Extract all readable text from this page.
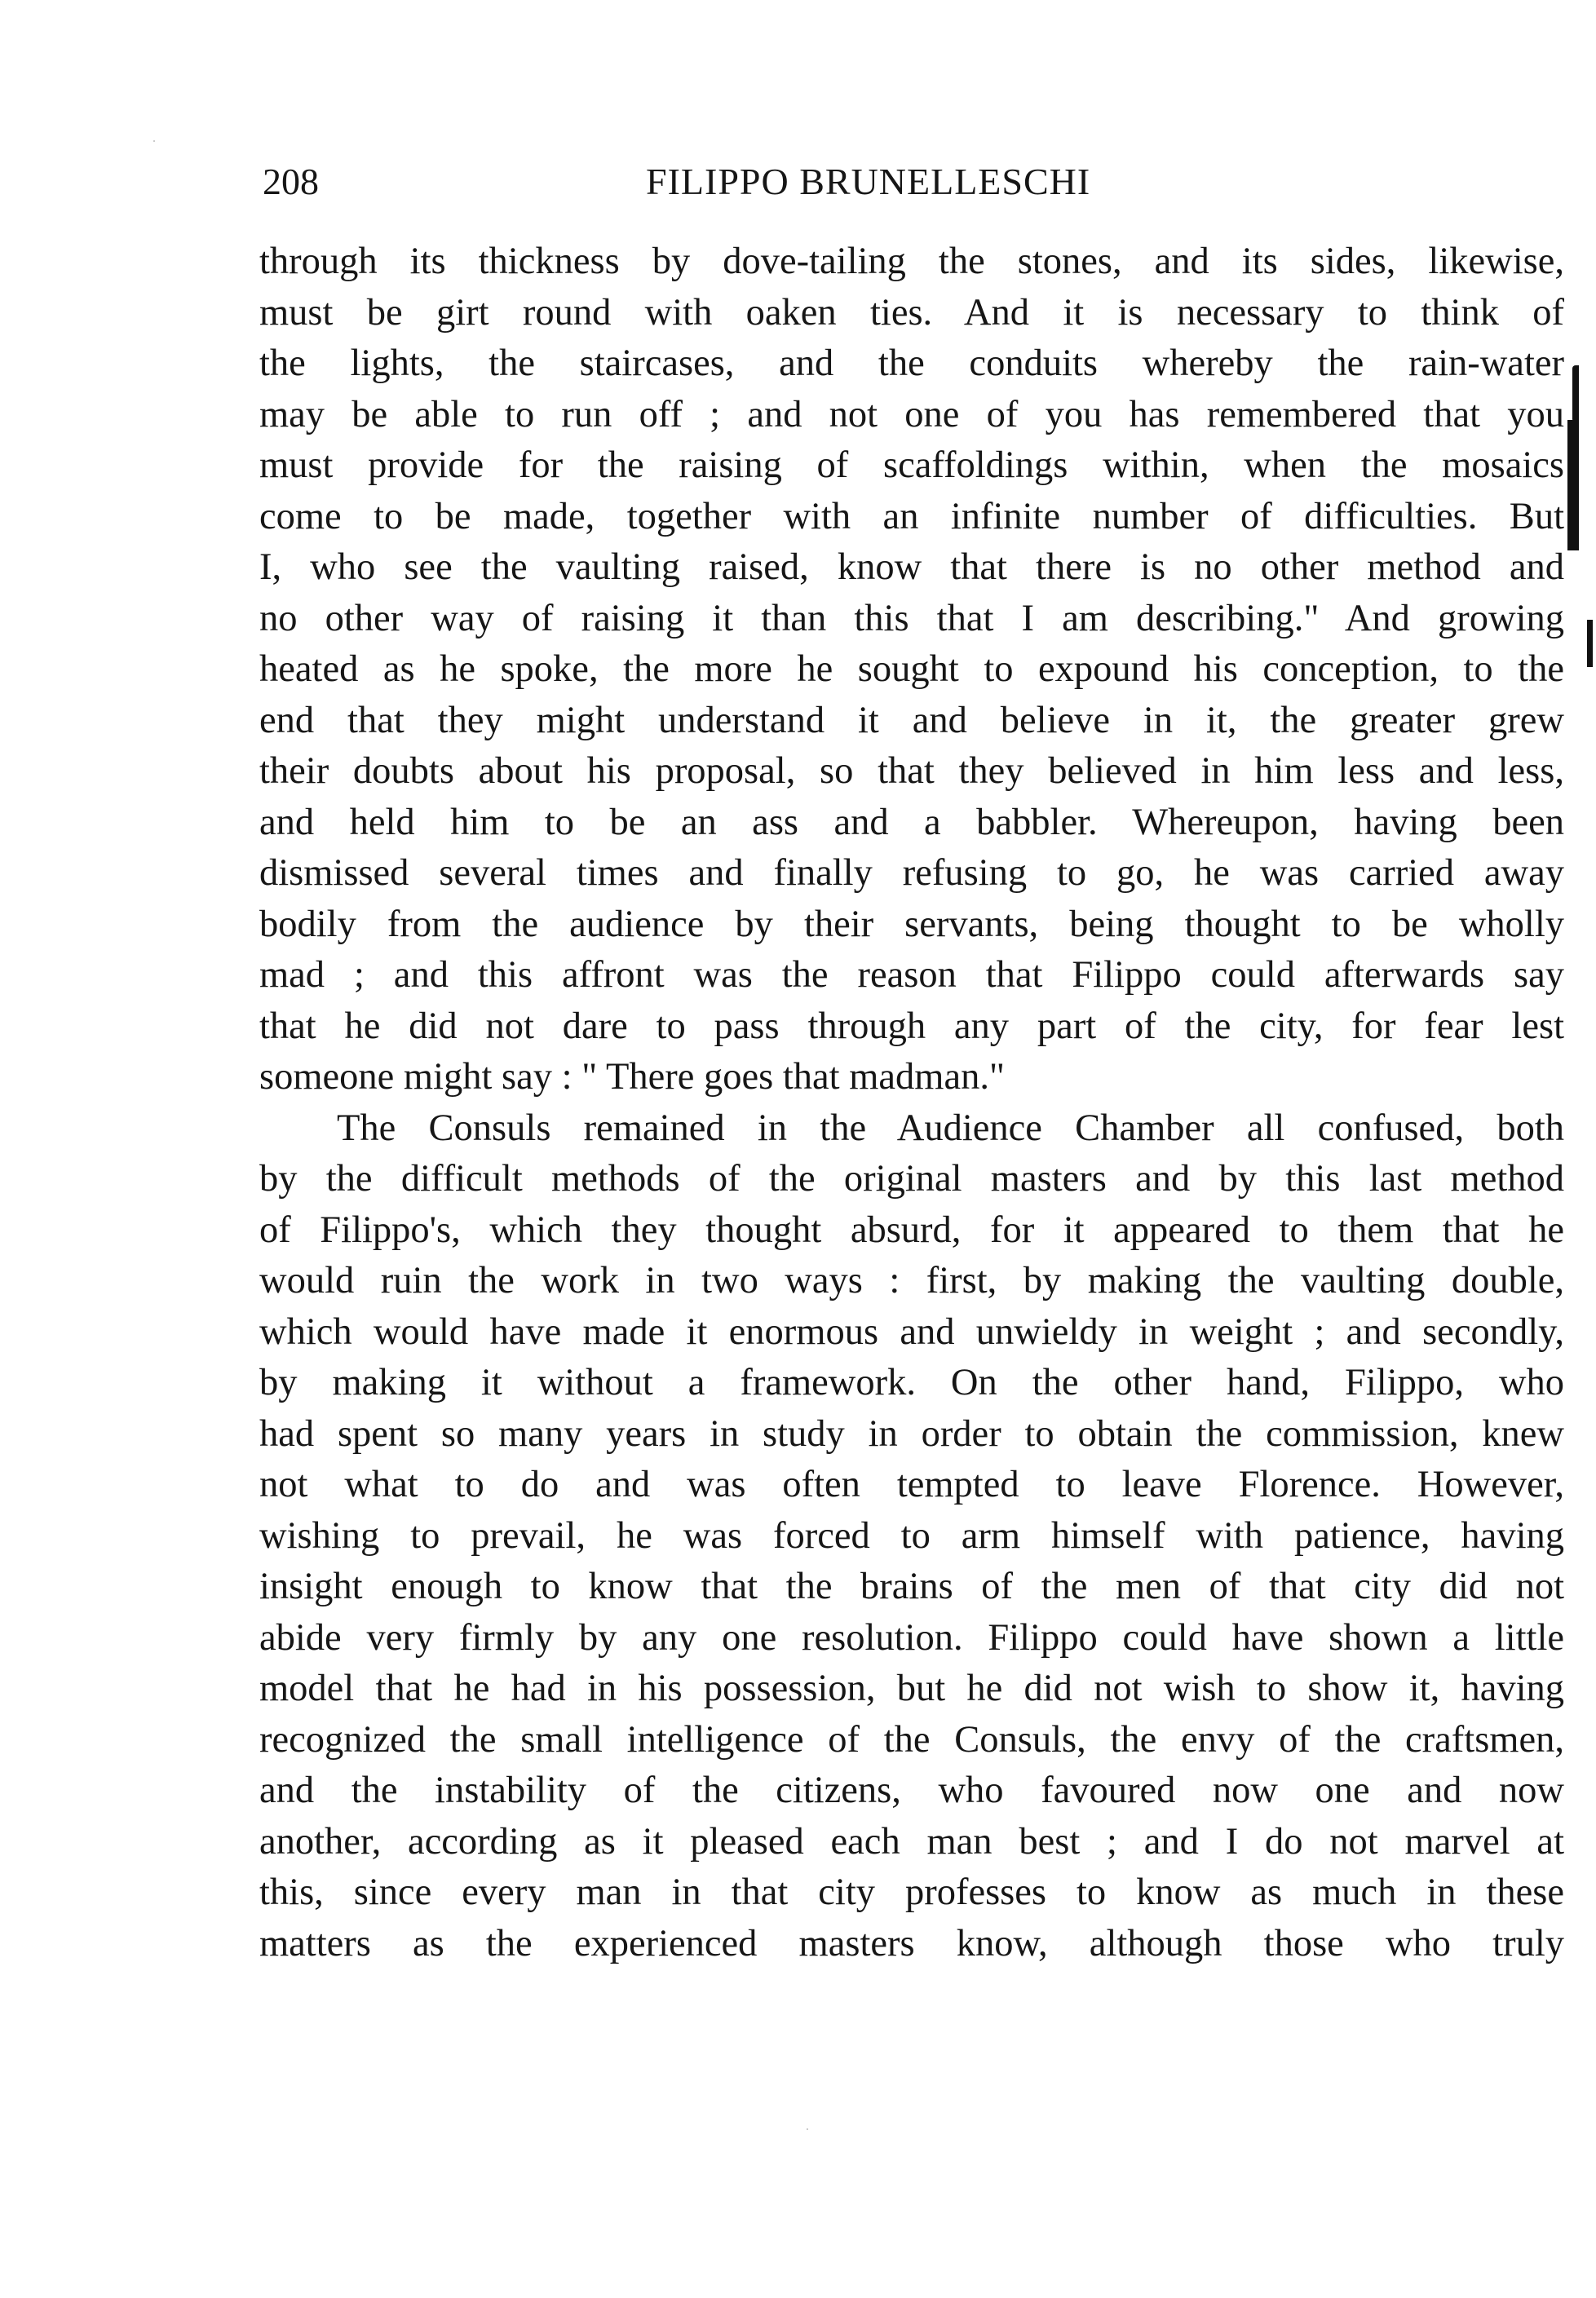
208	FILIPPO BRUNELLESCHI
through its thickness by dove-tailing the stones, and its sides, likewise,
must be girt round with oaken ties. And it is necessary to think of
the lights, the staircases, and the conduits whereby the rain-water
may be able to run off ; and not one of you has remembered that you
must provide for the raising of scaffoldings within, when the mosaics
come to be made, together with an infinite number of difficulties. But
I, who see the vaulting raised, know that there is no other method and
no other way of raising it than this that I am describing." And growing
heated as he spoke, the more he sought to expound his conception, to the
end that they might understand it and believe in it, the greater grew
their doubts about his proposal, so that they believed in him less and less,
and held him to be an ass and a babbler. Whereupon, having been
dismissed several times and finally refusing to go, he was carried away
bodily from the audience by their servants, being thought to be wholly
mad ; and this affront was the reason that Filippo could afterwards say
that he did not dare to pass through any part of the city, for fear lest
someone might say : " There goes that madman."
The Consuls remained in the Audience Chamber all confused, both
by the difficult methods of the original masters and by this last method
of Filippo's, which they thought absurd, for it appeared to them that he
would ruin the work in two ways : first, by making the vaulting double,
which would have made it enormous and unwieldy in weight ; and secondly,
by making it without a framework. On the other hand, Filippo, who
had spent so many years in study in order to obtain the commission, knew
not what to do and was often tempted to leave Florence. However,
wishing to prevail, he was forced to arm himself with patience, having
insight enough to know that the brains of the men of that city did not
abide very firmly by any one resolution. Filippo could have shown a little
model that he had in his possession, but he did not wish to show it, having
recognized the small intelligence of the Consuls, the envy of the craftsmen,
and the instability of the citizens, who favoured now one and now
another, according as it pleased each man best ; and I do not marvel at
this, since every man in that city professes to know as much in these
matters as the experienced masters know, although those who truly
